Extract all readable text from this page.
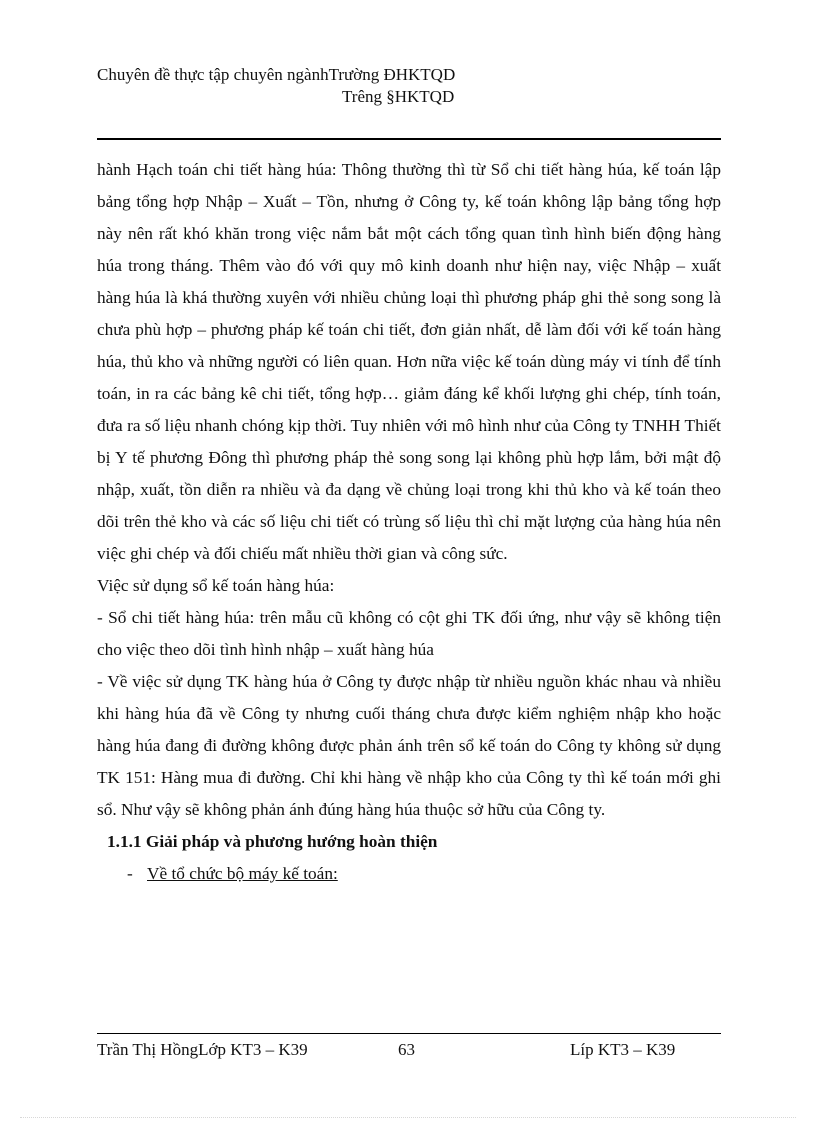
Chuyên đề thực tập chuyên ngànhTrường ĐHKTQD
Trêng §HKTQD

hành Hạch toán chi tiết hàng húa: Thông thường thì từ Sổ chi tiết hàng húa, kế toán lập bảng tổng hợp Nhập – Xuất – Tồn, nhưng ở Công ty, kế toán không lập bảng tổng hợp này nên rất khó khăn trong việc nắm bắt một cách tổng quan tình hình biến động hàng húa trong tháng. Thêm vào đó với quy mô kinh doanh như hiện nay, việc Nhập – xuất hàng húa là khá thường xuyên với nhiều chủng loại thì phương pháp ghi thẻ song song là chưa phù hợp – phương pháp kế toán chi tiết, đơn giản nhất, dễ làm đối với kế toán hàng húa, thủ kho và những người có liên quan. Hơn nữa việc kế toán dùng máy vi tính để tính toán, in ra các bảng kê chi tiết, tổng hợp… giảm đáng kể khối lượng ghi chép, tính toán, đưa ra số liệu nhanh chóng kịp thời. Tuy nhiên với mô hình như của Công ty TNHH Thiết bị Y tế phương Đông thì phương pháp thẻ song song lại không phù hợp lắm, bởi mật độ nhập, xuất, tồn diễn ra nhiều và đa dạng về chủng loại trong khi thủ kho và kế toán theo dõi trên thẻ kho và các số liệu chi tiết có trùng số liệu thì chỉ mặt lượng của hàng húa nên việc ghi chép và đối chiếu mất nhiều thời gian và công sức.

Việc sử dụng sổ kế toán hàng húa:

- Sổ chi tiết hàng húa: trên mẫu cũ không có cột ghi TK đối ứng, như vậy sẽ không tiện cho việc theo dõi tình hình nhập – xuất hàng húa

- Về việc sử dụng TK hàng húa ở Công ty được nhập từ nhiều nguồn khác nhau và nhiều khi hàng húa đã về Công ty nhưng cuối tháng chưa được kiểm nghiệm nhập kho hoặc hàng húa đang đi đường không được phản ánh trên sổ kế toán do Công ty không sử dụng TK 151: Hàng mua đi đường. Chỉ khi hàng về nhập kho của Công ty thì kế toán mới ghi sổ. Như vậy sẽ không phản ánh đúng hàng húa thuộc sở hữu của Công ty.

1.1.1 Giải pháp và phương hướng hoàn thiện

- Về tổ chức bộ máy kế toán:

Trần Thị HồngLớp KT3 – K39	63	Líp KT3 – K39
